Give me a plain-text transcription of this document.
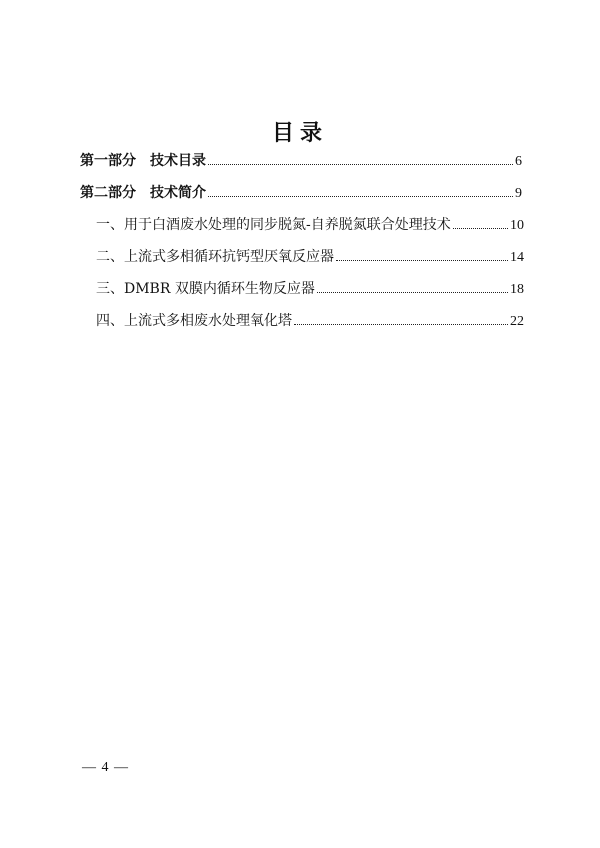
目录
第一部分　技术目录	6
第二部分　技术简介	9
一、用于白酒废水处理的同步脱氮-自养脱氮联合处理技术	10
二、上流式多相循环抗钙型厌氧反应器	14
三、DMBR 双膜内循环生物反应器	18
四、上流式多相废水处理氧化塔	22
— 4 —
